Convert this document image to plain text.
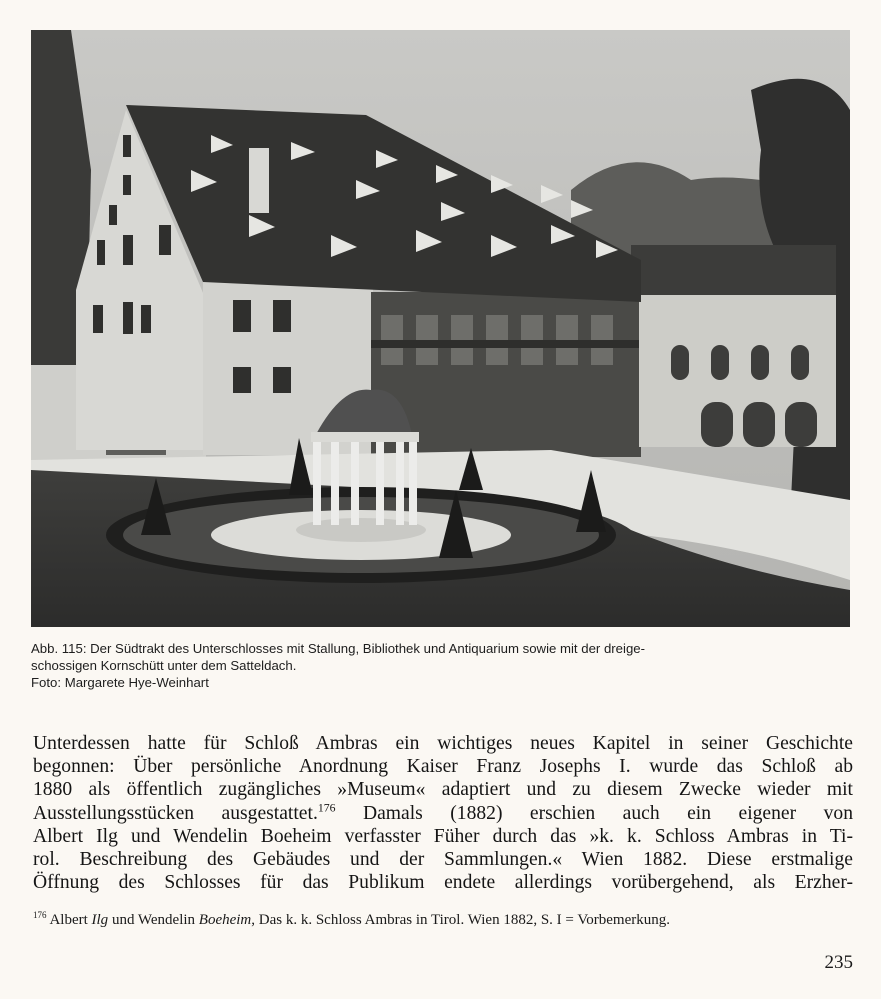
Abb. 115: Der Südtrakt des Unterschlosses mit Stallung, Bibliothek und Antiquarium sowie mit der dreige-
schossigen Kornschütt unter dem Satteldach.
Foto: Margarete Hye-Weinhart
Unterdessen hatte für Schloß Ambras ein wichtiges neues Kapitel in seiner Geschichte
begonnen: Über persönliche Anordnung Kaiser Franz Josephs I. wurde das Schloß ab
1880 als öffentlich zugängliches »Museum« adaptiert und zu diesem Zwecke wieder mit
Ausstellungsstücken ausgestattet.$^{176}$ Damals (1882) erschien auch ein eigener von
Albert Ilg und Wendelin Boeheim verfasster Füher durch das »k. k. Schloss Ambras in Ti-
rol. Beschreibung des Gebäudes und der Sammlungen.« Wien 1882. Diese erstmalige
Öffnung des Schlosses für das Publikum endete allerdings vorübergehend, als Erzher-
$^{176}$ Albert Ilg und Wendelin Boeheim, Das k. k. Schloss Ambras in Tirol. Wien 1882, S. I = Vorbemerkung.
235
